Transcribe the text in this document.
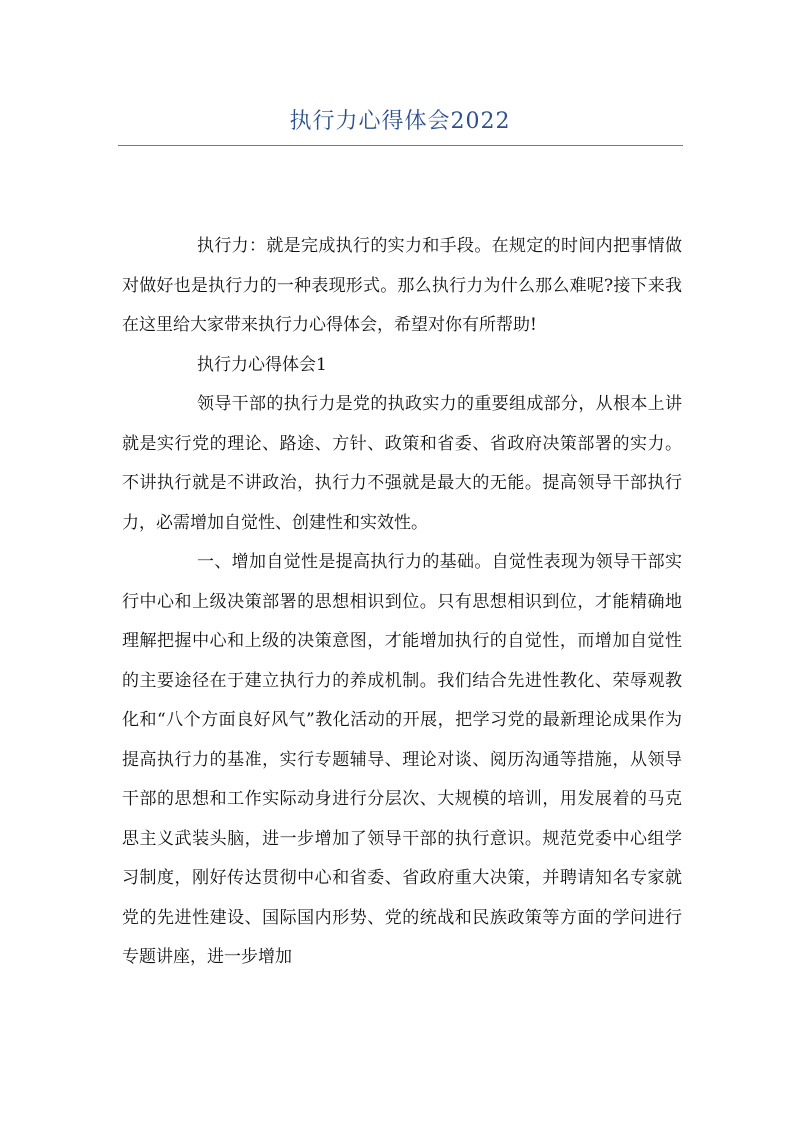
执行力心得体会2022

执行力：就是完成执行的实力和手段。在规定的时间内把事情做对做好也是执行力的一种表现形式。那么执行力为什么那么难呢?接下来我在这里给大家带来执行力心得体会，希望对你有所帮助!

执行力心得体会1

领导干部的执行力是党的执政实力的重要组成部分，从根本上讲就是实行党的理论、路途、方针、政策和省委、省政府决策部署的实力。不讲执行就是不讲政治，执行力不强就是最大的无能。提高领导干部执行力，必需增加自觉性、创建性和实效性。

一、增加自觉性是提高执行力的基础。自觉性表现为领导干部实行中心和上级决策部署的思想相识到位。只有思想相识到位，才能精确地理解把握中心和上级的决策意图，才能增加执行的自觉性，而增加自觉性的主要途径在于建立执行力的养成机制。我们结合先进性教化、荣辱观教化和“八个方面良好风气”教化活动的开展，把学习党的最新理论成果作为提高执行力的基准，实行专题辅导、理论对谈、阅历沟通等措施，从领导干部的思想和工作实际动身进行分层次、大规模的培训，用发展着的马克思主义武装头脑，进一步增加了领导干部的执行意识。规范党委中心组学习制度，刚好传达贯彻中心和省委、省政府重大决策，并聘请知名专家就党的先进性建设、国际国内形势、党的统战和民族政策等方面的学问进行专题讲座，进一步增加
